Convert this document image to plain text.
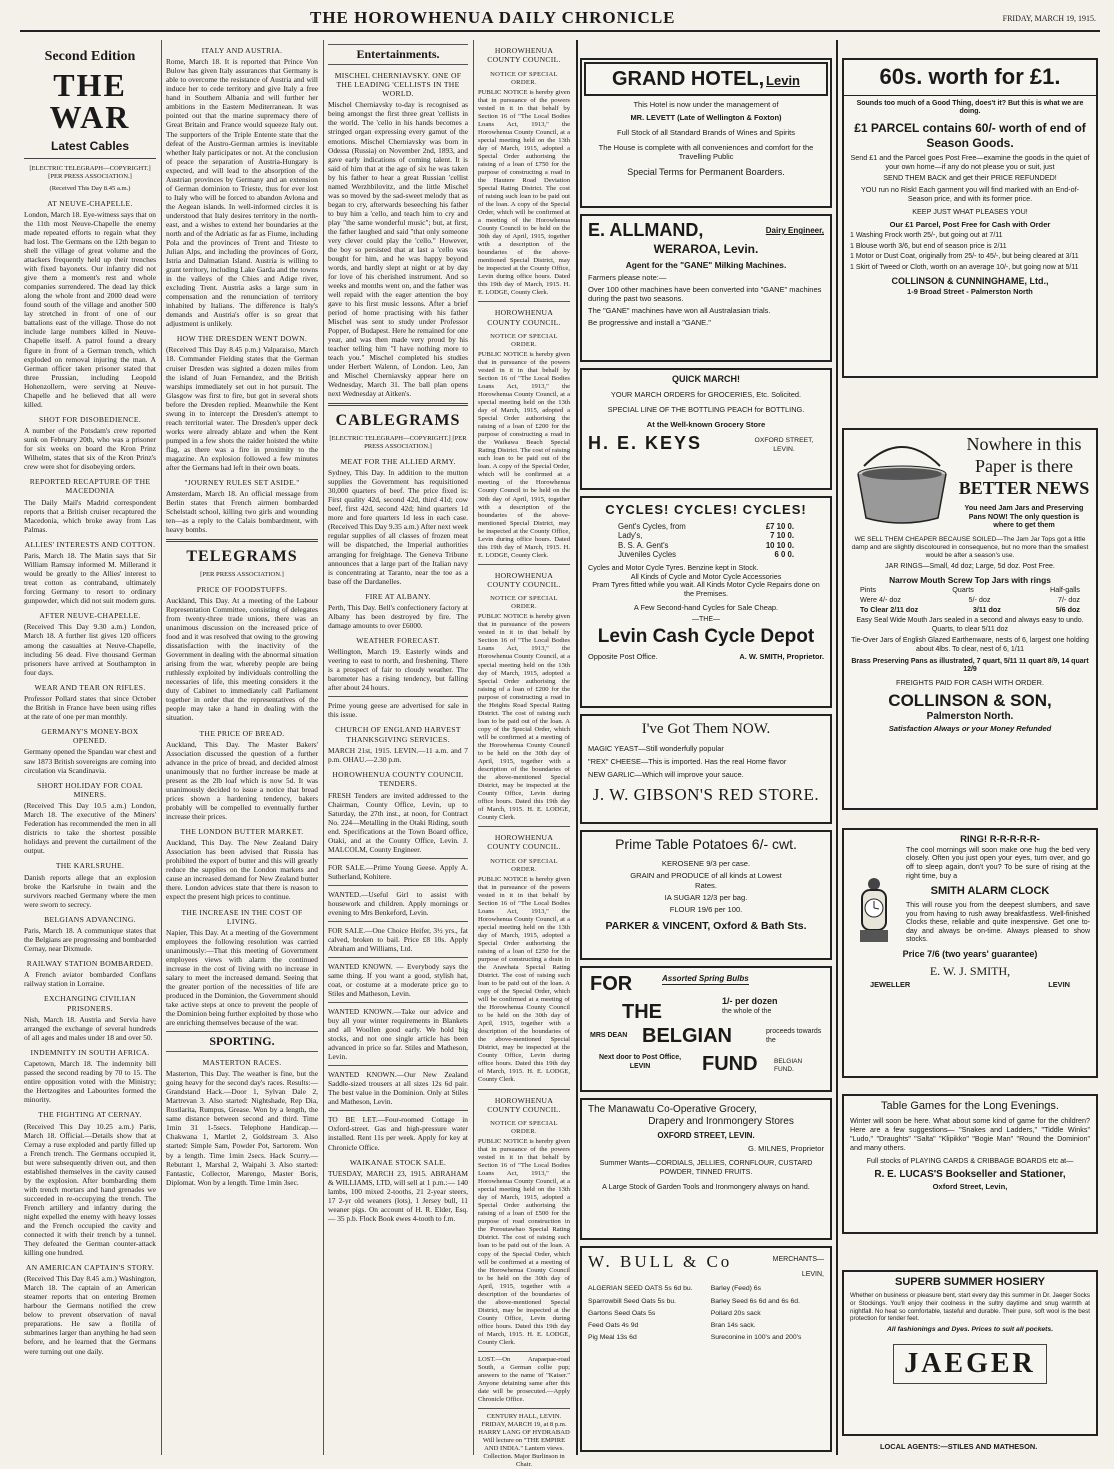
THE HOROWHENUA DAILY CHRONICLE	FRIDAY, MARCH 19, 1915.
Second Edition
THE WAR
Latest Cables
[ELECTRIC TELEGRAPH—COPYRIGHT.] [PER PRESS ASSOCIATION.]
(Received This Day 8.45 a.m.)
AT NEUVE-CHAPELLE.

London, March 18. Eye-witness says that on the 11th most Neuve-Chapelle the enemy made repeated efforts to regain what they had lost. The Germans on the 12th began to shell the village of great volume and the attackers frequently held up their trenches with fixed bayonets. Our infantry did not give them a moment's rest and whole companies surrendered. The dead lay thick along the whole front and 2000 dead were found south of the village and another 500 lay stretched in front of one of our battalions east of the village. Those do not include large numbers killed in Neuve-Chapelle itself. A patrol found a dreary figure in front of a German trench, which exploded on removal injuring the man. A German officer taken prisoner stated that three Prussian, including Leopold Hohenzollern, were serving at Neuve-Chapelle and he believed that all were killed.

SHOT FOR DISOBEDIENCE.

A number of the Potsdam's crew reported sunk on February 20th, who was a prisoner for six weeks on board the Kron Prinz Wilhelm, states that six of the Kron Prinz's crew were shot for disobeying orders.

REPORTED RECAPTURE OF THE MACEDONIA

The Daily Mail's Madrid correspondent reports that a British cruiser recaptured the Macedonia, which broke away from Las Palmas.

ALLIES' INTERESTS AND COTTON.

Paris, March 18. The Matin says that Sir William Ramsay informed M. Millerand it would be greatly to the Allies' interest to treat cotton as contraband, ultimately forcing Germany to resort to ordinary gunpowder, which did not suit modern guns.

AFTER NEUVE-CHAPELLE.

(Received This Day 9.30 a.m.) London, March 18. A further list gives 120 officers among the casualties at Neuve-Chapelle, including 56 dead. Five thousand German prisoners have arrived at Southampton in four days.

WEAR AND TEAR ON RIFLES.

Professor Pollard states that since October the British in France have been using rifles at the rate of one per man monthly.

GERMANY'S MONEY-BOX OPENED.

Germany opened the Spandau war chest and saw 1873 British sovereigns are coming into circulation via Scandinavia.

SHORT HOLIDAY FOR COAL MINERS.

(Received This Day 10.5 a.m.) London, March 18. The executive of the Miners' Federation has recommended the men in all districts to take the shortest possible holidays and prevent the curtailment of the output.

THE KARLSRUHE.

Danish reports allege that an explosion broke the Karlsruhe in twain and the survivors reached Germany where the men were sworn to secrecy.

BELGIANS ADVANCING.

Paris, March 18. A communique states that the Belgians are progressing and bombarded Cernay, near Dixmude.

RAILWAY STATION BOMBARDED.

A French aviator bombarded Conflans railway station in Lorraine.

EXCHANGING CIVILIAN PRISONERS.

Nish, March 18. Austria and Servia have arranged the exchange of several hundreds of all ages and males under 18 and over 50.

INDEMNITY IN SOUTH AFRICA.

Capetown, March 18. The indemnity bill passed the second reading by 70 to 15. The entire opposition voted with the Ministry; the Hertzogites and Labourites formed the minority.

THE FIGHTING AT CERNAY.

(Received This Day 10.25 a.m.) Paris, March 18. Official.—Details show that at Cernay a ruse exploded and partly filled up a French trench. The Germans occupied it, but were subsequently driven out, and then established themselves in the cavity caused by the explosion. After bombarding them with trench mortars and hand grenades we succeeded in re-occupying the trench. The French artillery and infantry during the night expelled the enemy with heavy losses and the French occupied the cavity and connected it with their trench by a tunnel. They defeated the German counter-attack killing one hundred.

AN AMERICAN CAPTAIN'S STORY.

(Received This Day 8.45 a.m.) Washington, March 18. The captain of an American steamer reports that on entering Bremen harbour the Germans notified the crew below to prevent observation of naval preparations. He saw a flotilla of submarines larger than anything he had seen before, and he learned that the Germans were turning out one daily.

ITALY AND AUSTRIA.

Rome, March 18. It is reported that Prince Von Bulow has given Italy assurances that Germany is able to overcome the resistance of Austria and will induce her to cede territory and give Italy a free hand in Southern Albania and will further her ambitions in the Eastern Mediterranean. It was pointed out that the marine supremacy there of Great Britain and France would squeeze Italy out. The supporters of the Triple Entente state that the defeat of the Austro-German armies is inevitable whether Italy participates or not. At the conclusion of peace the separation of Austria-Hungary is expected, and will lead to the absorption of the Austrian provinces by Germany and an extension of German dominion to Trieste, thus for ever lost to Italy who will be forced to abandon Avlona and the Aegean islands. In well-informed circles it is understood that Italy desires territory in the north-east, and a wishes to extend her boundaries at the north and of the Adriatic as far as Fiume, including Pola and the provinces of Trent and Trieste to Julian Alps, and including the provinces of Gorz, Istria and Dalmatian Island. Austria is willing to grant territory, including Lake Garda and the towns in the valleys of the Chies and Adige river, excluding Trent. Austria asks a large sum in compensation and the renunciation of territory inhabited by Italians. The difference is Italy's demands and Austria's offer is so great that adjustment is unlikely.

HOW THE DRESDEN WENT DOWN.

(Received This Day 8.45 p.m.) Valparaiso, March 18. Commander Fielding states that the German cruiser Dresden was sighted a dozen miles from the island of Juan Fernandez, and the British warships immediately set out in hot pursuit. The Glasgow was first to fire, but got in several shots before the Dresden replied. Meanwhile the Kent swung in to intercept the Dresden's attempt to reach territorial water. The Dresden's upper deck works were already ablaze and when the Kent pumped in a few shots the raider hoisted the white flag, as there was a fire in proximity to the magazine. An explosion followed a few minutes after the Germans had left in their own boats.

"JOURNEY RULES SET ASIDE."

Amsterdam, March 18. An official message from Berlin states that French airmen bombarded Schelstadt school, killing two girls and wounding ten—as a reply to the Calais bombardment, with heavy bombs.

TELEGRAMS
[PER PRESS ASSOCIATION.]
PRICE OF FOODSTUFFS.

Auckland, This Day. At a meeting of the Labour Representation Committee, consisting of delegates from twenty-three trade unions, there was an unanimous discussion on the increased price of food and it was resolved that owing to the growing dissatisfaction with the inactivity of the Government in dealing with the abnormal situation arising from the war, whereby people are being ruthlessly exploited by individuals controlling the necessaries of life, this meeting considers it the duty of Cabinet to immediately call Parliament together in order that the representatives of the people may take a hand in dealing with the situation.

THE PRICE OF BREAD.

Auckland, This Day. The Master Bakers' Association discussed the question of a further advance in the price of bread, and decided almost unanimously that no further increase be made at present as the 2lb loaf which is now 5d. It was unanimously decided to issue a notice that bread prices shown a hardening tendency, bakers probably will be compelled to eventually further increase their prices.

THE LONDON BUTTER MARKET.

Auckland, This Day. The New Zealand Dairy Association has been advised that Russia has prohibited the export of butter and this will greatly reduce the supplies on the London markets and cause an increased demand for New Zealand butter there. London advices state that there is reason to expect the present high prices to continue.

THE INCREASE IN THE COST OF LIVING.

Napier, This Day. At a meeting of the Government employees the following resolution was carried unanimously:—That this meeting of Government employees views with alarm the continued increase in the cost of living with no increase in salary to meet the increased demand. Seeing that the greater portion of the necessities of life are produced in the Dominion, the Government should take active steps at once to prevent the people of the Dominion being further exploited by those who are enriching themselves because of the war.

SPORTING.
MASTERTON RACES.

Masterton, This Day. The weather is fine, but the going heavy for the second day's races. Results:— Grandstand Hack.—Door 1, Sylvan Dale 2, Martrevan 3. Also started: Nightshade, Rep Dia, Rustlarita, Rumpus, Grease. Won by a length, the same distance between second and third. Time 1min 31 1-5secs. Telephone Handicap.—Chakwana 1, Martlet 2, Goldstream 3. Also started: Simple Sam, Powder Pot, Sartorem. Won by a length. Time 1min 2secs. Hack Scurry.—Rebutant 1, Marshal 2, Waipahi 3. Also started: Fantastic, Collector, Marengo, Master Boris, Diplomat. Won by a length. Time 1min 3sec.

Entertainments.
MISCHEL CHERNIAVSKY. ONE OF THE LEADING 'CELLISTS IN THE WORLD.

Mischel Cherniavsky to-day is recognised as being amongst the first three great 'cellists in the world. The 'cello in his hands becomes a stringed organ expressing every gamut of the emotions. Mischel Cherniavsky was born in Odessa (Russia) on November 2nd, 1893, and gave early indications of coming talent. It is said of him that at the age of six he was taken by his father to hear a great Russian 'cellist named Werzhbilovitz, and the little Mischel was so moved by the sad-sweet melody that as began to cry, afterwards beseeching his father to buy him a 'cello, and teach him to cry and play "the same wonderful music"; but, at first, the father laughed and said "that only someone very clever could play the 'cello." However, the boy so persisted that at last a 'cello was bought for him, and he was happy beyond words, and hardly slept at night or at by day for love of his cherished instrument. And so weeks and months went on, and the father was well repaid with the eager attention the boy gave to his first music lessons. After a brief period of home practising with his father Mischel was sent to study under Professor Popper, of Budapest. Here he remained for one year, and was then made very proud by his teacher telling him "I have nothing more to teach you." Mischel completed his studies under Herbert Walenn, of London. Leo, Jan and Mischel Cherniavsky appear here on Wednesday, March 31. The ball plan opens next Wednesday at Aitken's.

CABLEGRAMS
[ELECTRIC TELEGRAPH—COPYRIGHT.] [PER PRESS ASSOCIATION.]
MEAT FOR THE ALLIED ARMY.

Sydney, This Day. In addition to the mutton supplies the Government has requisitioned 30,000 quarters of beef. The price fixed is: First quality 42d, second 42d, third 41d; cow beef, first 42d, second 42d; hind quarters 1d more and fore quarters 1d less in each case. (Received This Day 9.35 a.m.) After next week regular supplies of all classes of frozen meat will be dispatched, the Imperial authorities arranging for freightage. The Geneva Tribune announces that a large part of the Italian navy is concentrating at Taranto, near the toe as a base off the Dardanelles.

FIRE AT ALBANY.

Perth, This Day. Bell's confectionery factory at Albany has been destroyed by fire. The damage amounts to over £6000.

WEATHER FORECAST.

Wellington, March 19. Easterly winds and veering to east to north, and freshening. There is a prospect of fair to cloudy weather. The barometer has a rising tendency, but falling after about 24 hours.

Prime young geese are advertised for sale in this issue.

CHURCH OF ENGLAND HARVEST THANKSGIVING SERVICES.

MARCH 21st, 1915. LEVIN.—11 a.m. and 7 p.m. OHAU.—2.30 p.m.

HOROWHENUA COUNTY COUNCIL TENDERS.

FRESH Tenders are invited addressed to the Chairman, County Office, Levin, up to Saturday, the 27th inst., at noon, for Contract No. 224—Metalling in the Otaki Riding, south end. Specifications at the Town Board office, Otaki, and at the County Office, Levin. J. MALCOLM, County Engineer.

FOR SALE.—Prime Young Geese. Apply A. Sutherland, Kohitere.

WANTED.—Useful Girl to assist with housework and children. Apply mornings or evening to Mrs Benkeford, Levin.

FOR SALE.—One Choice Heifer, 3½ yrs., fat calved, broken to bail. Price £8 10s. Apply Abraham and Williams, Ltd.

WANTED KNOWN. — Everybody says the same thing. If you want a good, stylish hat, coat, or costume at a moderate price go to Stiles and Matheson, Levin.

WANTED KNOWN.—Take our advice and buy all your winter requirements in Blankets and all Woollen good early. We hold big stocks, and not one single article has been advanced in price so far. Stiles and Matheson, Levin.

WANTED KNOWN.—Our New Zealand Saddle-sized trousers at all sizes 12s 6d pair. The best value in the Dominion. Only at Stiles and Matheson, Levin.

TO BE LET.—Four-roomed Cottage in Oxford-street. Gas and high-pressure water installed. Rent 11s per week. Apply for key at Chronicle Office.

WAIKANAE STOCK SALE.

TUESDAY, MARCH 23, 1915. ABRAHAM & WILLIAMS, LTD, will sell at 1 p.m.:— 140 lambs, 100 mixed 2-tooths, 21 2-year steers, 17 2-yr old weaners (lots), 1 Jersey bull, 11 weaner pigs. On account of H. R. Elder, Esq.— 35 p.b. Flock Book ewes 4-tooth to f.m.

HOROWHENUA COUNTY COUNCIL.
NOTICE OF SPECIAL ORDER.

PUBLIC NOTICE is hereby given that in pursuance of the powers vested in it in that behalf by Section 16 of "The Local Bodies Loans Act, 1913," the Horowhenua County Council, at a special meeting held on the 13th day of March, 1915, adopted a Special Order authorising the raising of a loan of £750 for the purpose of constructing a road in the Hautere Road Deviation Special Rating District. The cost of raising such loan to be paid out of the loan. A copy of the Special Order, which will be confirmed at a meeting of the Horowhenua County Council to be held on the 30th day of April, 1915, together with a description of the boundaries of the above-mentioned Special District, may be inspected at the County Office, Levin during office hours. Dated this 19th day of March, 1915. H. E. LODGE, County Clerk.

HOROWHENUA COUNTY COUNCIL.
NOTICE OF SPECIAL ORDER.

PUBLIC NOTICE is hereby given that in pursuance of the powers vested in it in that behalf by Section 16 of "The Local Bodies Loans Act, 1913," the Horowhenua County Council, at a special meeting held on the 13th day of March, 1915, adopted a Special Order authorising the raising of a loan of £200 for the purpose of constructing a road in the Waikawa Beach Special Rating District. The cost of raising such loan to be paid out of the loan. A copy of the Special Order, which will be confirmed at a meeting of the Horowhenua County Council to be held on the 30th day of April, 1915, together with a description of the boundaries of the above-mentioned Special District, may be inspected at the County Office, Levin during office hours. Dated this 19th day of March, 1915. H. E. LODGE, County Clerk.

HOROWHENUA COUNTY COUNCIL.
NOTICE OF SPECIAL ORDER.

PUBLIC NOTICE is hereby given that in pursuance of the powers vested in it in that behalf by Section 16 of "The Local Bodies Loans Act, 1913," the Horowhenua County Council, at a special meeting held on the 13th day of March, 1915, adopted a Special Order authorising the raising of a loan of £200 for the purpose of constructing a road in the Heights Road Special Rating District. The cost of raising such loan to be paid out of the loan. A copy of the Special Order, which will be confirmed at a meeting of the Horowhenua County Council to be held on the 30th day of April, 1915, together with a description of the boundaries of the above-mentioned Special District, may be inspected at the County Office, Levin during office hours. Dated this 19th day of March, 1915. H. E. LODGE, County Clerk.

HOROWHENUA COUNTY COUNCIL.
NOTICE OF SPECIAL ORDER.

PUBLIC NOTICE is hereby given that in pursuance of the powers vested in it in that behalf by Section 16 of "The Local Bodies Loans Act, 1913," the Horowhenua County Council, at a special meeting held on the 13th day of March, 1915, adopted a Special Order authorising the raising of a loan of £250 for the purpose of constructing a drain in the Arawhata Special Rating District. The cost of raising such loan to be paid out of the loan. A copy of the Special Order, which will be confirmed at a meeting of the Horowhenua County Council to be held on the 30th day of April, 1915, together with a description of the boundaries of the above-mentioned Special District, may be inspected at the County Office, Levin during office hours. Dated this 19th day of March, 1915. H. E. LODGE, County Clerk.

HOROWHENUA COUNTY COUNCIL.
NOTICE OF SPECIAL ORDER.

PUBLIC NOTICE is hereby given that in pursuance of the powers vested in it in that behalf by Section 16 of "The Local Bodies Loans Act, 1913," the Horowhenua County Council, at a special meeting held on the 13th day of March, 1915, adopted a Special Order authorising the raising of a loan of £500 for the purpose of road construction in the Poroutawhao Special Rating District. The cost of raising such loan to be paid out of the loan. A copy of the Special Order, which will be confirmed at a meeting of the Horowhenua County Council to be held on the 30th day of April, 1915, together with a description of the boundaries of the above-mentioned Special District, may be inspected at the County Office, Levin during office hours. Dated this 19th day of March, 1915. H. E. LODGE, County Clerk.

LOST.—On Arapaepae-road South, a German collie pup; answers to the name of "Kaiser." Anyone detaining same after this date will be prosecuted.—Apply Chronicle Office.

CENTURY HALL, LEVIN. FRIDAY, MARCH 19, at 8 p.m. HARRY LANG OF HYDRABAD Will lecture on "THE EMPIRE AND INDIA." Lantern views. Collection. Major Burlinson in Chair.

GRAND HOTEL, Levin
This Hotel is now under the management of
MR. LEVETT (Late of Wellington & Foxton)
Full Stock of all Standard Brands of Wines and Spirits
The House is complete with all conveniences and comfort for the Travelling Public
Special Terms for Permanent Boarders.
E. ALLMAND,	Dairy Engineer,
WERAROA, Levin.
Agent for the "GANE" Milking Machines.
Farmers please note:—
Over 100 other machines have been converted into "GANE" machines during the past two seasons.
The "GANE" machines have won all Australasian trials.
Be progressive and install a "GANE."
QUICK MARCH!
YOUR MARCH ORDERS for GROCERIES, Etc. Solicited.
SPECIAL LINE OF THE BOTTLING PEACH for BOTTLING.
At the Well-known Grocery Store
H. E. KEYS	OXFORD STREET, LEVIN.
CYCLES! CYCLES! CYCLES!
Gent's Cycles, from	£7 10 0.
Lady's,	7 10 0.
B. S. A. Gent's	10 10 0.
Juveniles Cycles	6 0 0.
Cycles and Motor Cycle Tyres. Benzine kept in Stock.
All Kinds of Cycle and Motor Cycle Accessories
Pram Tyres fitted while you wait. All Kinds Motor Cycle Repairs done on the Premises.
A Few Second-hand Cycles for Sale Cheap.
—THE—
Levin Cash Cycle Depot
Opposite Post Office.	A. W. SMITH, Proprietor.
I've Got Them NOW.
MAGIC YEAST—Still wonderfully popular
"REX" CHEESE—This is imported. Has the real Home flavor
NEW GARLIC—Which will improve your sauce.
J. W. GIBSON'S RED STORE.
Prime Table Potatoes 6/- cwt.
KEROSENE 9/3 per case.
GRAIN and PRODUCE of all kinds at Lowest Rates.
IA SUGAR 12/3 per bag.
FLOUR 19/6 per 100.
PARKER & VINCENT, Oxford & Bath Sts.
FOR	Assorted Spring Bulbs
THE	1/- per dozen
the whole of the
MRS DEAN BELGIAN	proceeds towards the
Next door to Post Office, LEVIN	FUND	BELGIAN FUND.
The Manawatu Co-Operative Grocery,
Drapery and Ironmongery Stores
OXFORD STREET, LEVIN.
G. MILNES, Proprietor
Summer Wants—CORDIALS, JELLIES, CORNFLOUR, CUSTARD POWDER, TINNED FRUITS.
A Large Stock of Garden Tools and Ironmongery always on hand.
W. BULL & Co	MERCHANTS—
LEVIN,
ALGERIAN SEED OATS 5s 6d bu.	Barley (Feed) 6s
Sparrowbill Seed Oats 5s bu.	Barley Seed 6s 6d and 6s 6d.
Gartons Seed Oats 5s	Pollard 20s sack
Feed Oats 4s 9d	Bran 14s sack.
Pig Meal 13s 6d	Sureconine in 100's and 200's
60s. worth for £1.
Sounds too much of a Good Thing, does't it? But this is what we are doing.
£1 PARCEL contains 60/- worth of end of Season Goods.
Send £1 and the Parcel goes Post Free—examine the goods in the quiet of your own home—if any do not please you or suit, just
SEND THEM BACK and get their PRICE REFUNDED!
YOU run no Risk! Each garment you will find marked with an End-of-Season price, and with its former price.
KEEP JUST WHAT PLEASES YOU!
Our £1 Parcel, Post Free for Cash with Order
1 Washing Frock worth 25/-, but going out at 7/11
1 Blouse worth 3/6, but end of season price is 2/11
1 Motor or Dust Coat, originally from 25/- to 45/-, but being cleared at 3/11
1 Skirt of Tweed or Cloth, worth on an average 10/-, but going now at 5/11
COLLINSON & CUNNINGHAME, Ltd.,
1-9 Broad Street - Palmerston North
Nowhere in this
Paper is there
BETTER NEWS
You need Jam Jars and Preserving Pans NOW! The only question is where to get them
WE SELL THEM CHEAPER BECAUSE SOILED—The Jam Jar Tops got a little damp and are slightly discoloured in consequence, but no more than the smallest would be after a season's use.
JAR RINGS—Small, 4d doz; Large, 5d doz. Post Free.
Narrow Mouth Screw Top Jars with rings
Pints	Quarts	Half-galls
Were 4/- doz	5/- doz	7/- doz
To Clear 2/11 doz	3/11 doz	5/6 doz
Easy Seal Wide Mouth Jars sealed in a second and always easy to undo. Quarts, to clear 5/11 doz
Tie-Over Jars of English Glazed Earthenware, nests of 6, largest one holding about 4lbs. To clear, nest of 6, 1/11
Brass Preserving Pans as illustrated, 7 quart, 5/11 11 quart 8/9, 14 quart 12/9
FREIGHTS PAID FOR CASH WITH ORDER.
COLLINSON & SON,
Palmerston North.
Satisfaction Always or your Money Refunded
RING! R-R-R-R-R-
The cool mornings will soon make one hug the bed very closely. Often you just open your eyes, turn over, and go off to sleep again, don't you? To be sure of rising at the right time, buy a
SMITH ALARM CLOCK
This will rouse you from the deepest slumbers, and save you from having to rush away breakfastless. Well-finished Clocks these, reliable and quite inexpensive. Get one to-day and always be on-time. Always pleased to show stocks.
Price 7/6 (two years' guarantee)
E. W. J. SMITH,
JEWELLER	LEVIN
Table Games for the Long Evenings.
Winter will soon be here. What about some kind of game for the children? Here are a few suggestions— "Snakes and Ladders," "Tiddle Winks" "Ludo," "Draughts" "Salta" "Klipikko" "Bogie Man" "Round the Dominion" and many others.
Full stocks of PLAYING CARDS & CRIBBAGE BOARDS etc at—
R. E. LUCAS'S Bookseller and Stationer,
Oxford Street, Levin,
SUPERB SUMMER HOSIERY
Whether on business or pleasure bent, start every day this summer in Dr. Jaeger Socks or Stockings. You'll enjoy their coolness in the sultry daytime and snug warmth at nightfall. No heat so comfortable, tasteful and durable. Their pure, soft wool is the best protection for tender feet.
All fashionings and Dyes. Prices to suit all pockets.
JAEGER
LOCAL AGENTS:—STILES AND MATHESON.
